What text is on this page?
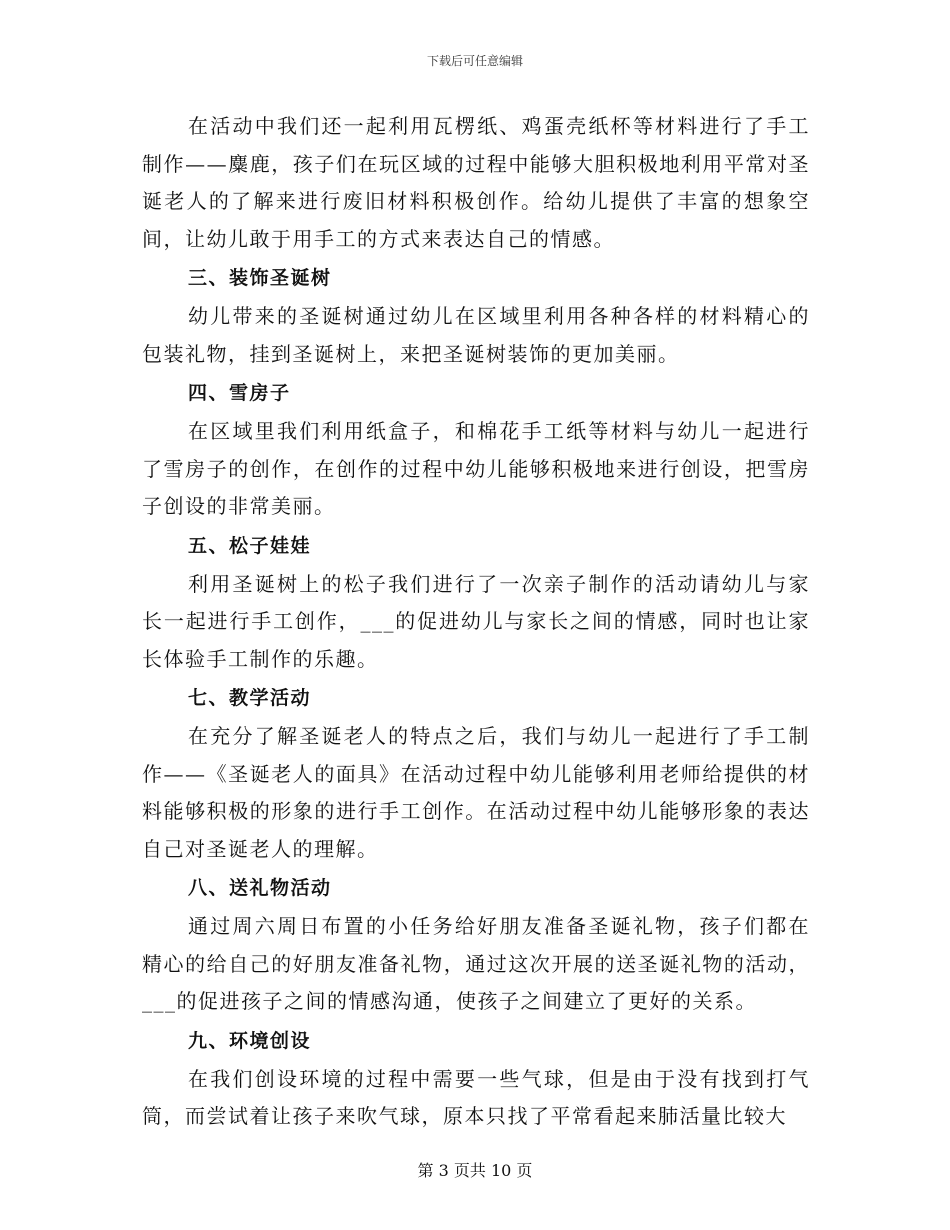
下载后可任意编辑

在活动中我们还一起利用瓦楞纸、鸡蛋壳纸杯等材料进行了手工制作——麋鹿，孩子们在玩区域的过程中能够大胆积极地利用平常对圣诞老人的了解来进行废旧材料积极创作。给幼儿提供了丰富的想象空间，让幼儿敢于用手工的方式来表达自己的情感。

三、装饰圣诞树

幼儿带来的圣诞树通过幼儿在区域里利用各种各样的材料精心的包装礼物，挂到圣诞树上，来把圣诞树装饰的更加美丽。

四、雪房子

在区域里我们利用纸盒子，和棉花手工纸等材料与幼儿一起进行了雪房子的创作，在创作的过程中幼儿能够积极地来进行创设，把雪房子创设的非常美丽。

五、松子娃娃

利用圣诞树上的松子我们进行了一次亲子制作的活动请幼儿与家长一起进行手工创作，___的促进幼儿与家长之间的情感，同时也让家长体验手工制作的乐趣。

七、教学活动

在充分了解圣诞老人的特点之后，我们与幼儿一起进行了手工制作——《圣诞老人的面具》在活动过程中幼儿能够利用老师给提供的材料能够积极的形象的进行手工创作。在活动过程中幼儿能够形象的表达自己对圣诞老人的理解。

八、送礼物活动

通过周六周日布置的小任务给好朋友准备圣诞礼物，孩子们都在精心的给自己的好朋友准备礼物，通过这次开展的送圣诞礼物的活动，___的促进孩子之间的情感沟通，使孩子之间建立了更好的关系。

九、环境创设

在我们创设环境的过程中需要一些气球，但是由于没有找到打气筒，而尝试着让孩子来吹气球，原本只找了平常看起来肺活量比较大

第 3 页共 10 页
